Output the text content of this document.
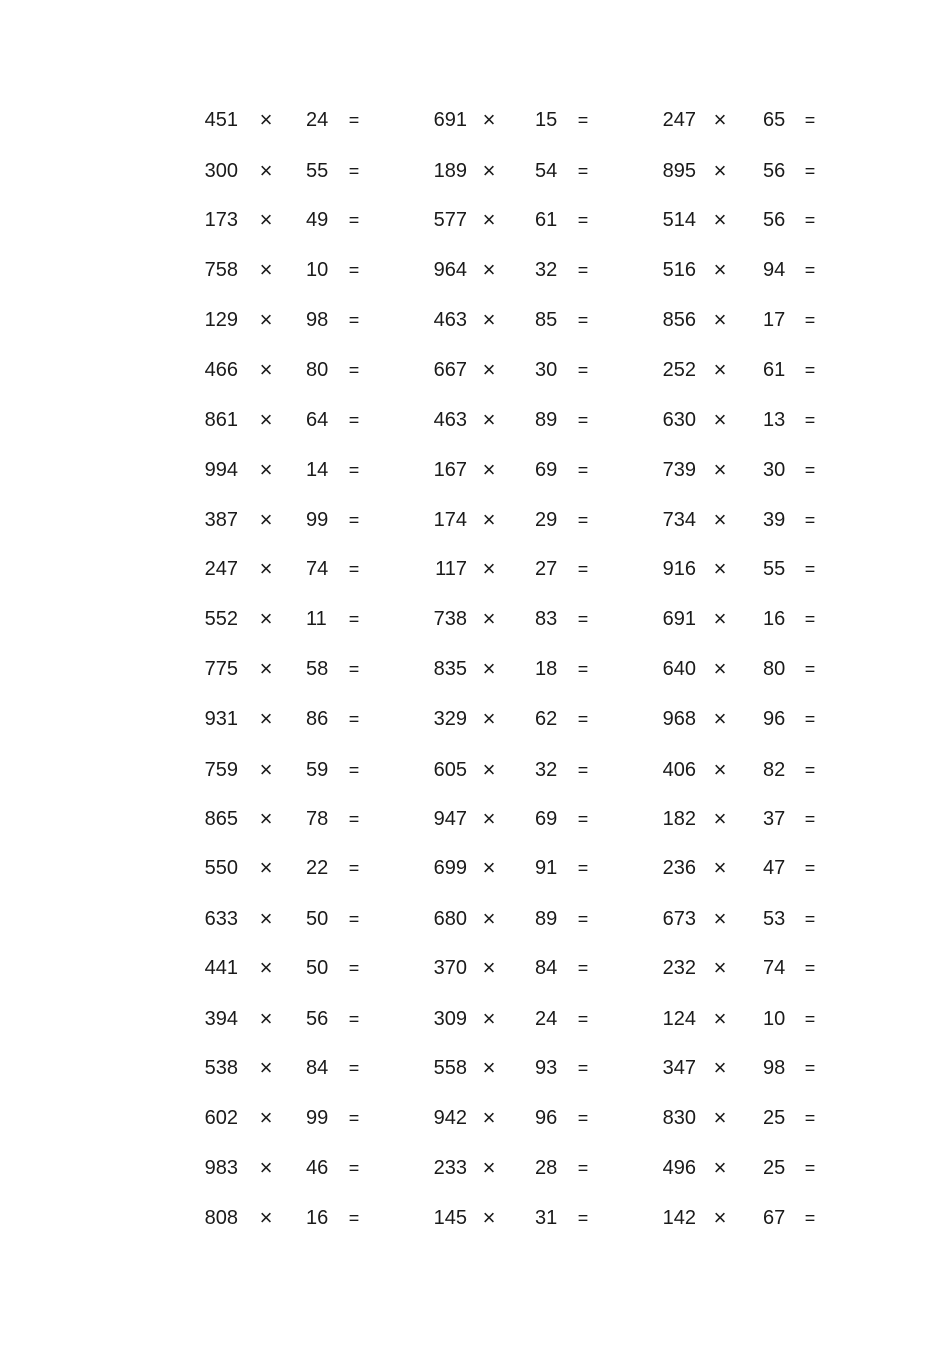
451 × 24	=	691 × 15	=	247 × 65	=
300 × 55	=	189 × 54	=	895 × 56	=
173 × 49	=	577 × 61	=	514 × 56	=
758 × 10	=	964 × 32	=	516 × 94	=
129 × 98	=	463 × 85	=	856 × 17	=
466 × 80	=	667 × 30	=	252 × 61	=
861 × 64	=	463 × 89	=	630 × 13	=
994 × 14	=	167 × 69	=	739 × 30	=
387 × 99	=	174 × 29	=	734 × 39	=
247 × 74	=	117 × 27	=	916 × 55	=
552 × 11	=	738 × 83	=	691 × 16	=
775 × 58	=	835 × 18	=	640 × 80	=
931 × 86	=	329 × 62	=	968 × 96	=
759 × 59	=	605 × 32	=	406 × 82	=
865 × 78	=	947 × 69	=	182 × 37	=
550 × 22	=	699 × 91	=	236 × 47	=
633 × 50	=	680 × 89	=	673 × 53	=
441 × 50	=	370 × 84	=	232 × 74	=
394 × 56	=	309 × 24	=	124 × 10	=
538 × 84	=	558 × 93	=	347 × 98	=
602 × 99	=	942 × 96	=	830 × 25	=
983 × 46	=	233 × 28	=	496 × 25	=
808 × 16	=	145 × 31	=	142 × 67	=
